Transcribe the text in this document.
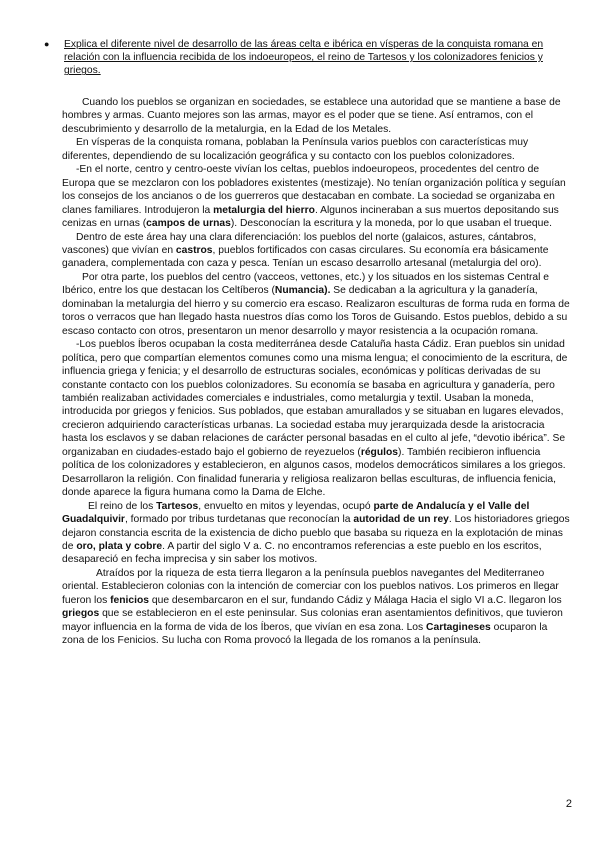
● Explica el diferente nivel de desarrollo de las áreas celta e ibérica en vísperas de la conquista romana en relación con la influencia recibida de los indoeuropeos, el reino de Tartesos y los colonizadores fenicios y griegos.

Cuando los pueblos se organizan en sociedades, se establece una autoridad que se mantiene a base de hombres y armas. Cuanto mejores son las armas, mayor es el poder que se tiene. Así entramos, con el descubrimiento y desarrollo de la metalurgia, en la Edad de los Metales.

En vísperas de la conquista romana, poblaban la Península varios pueblos con características muy diferentes, dependiendo de su localización geográfica y su contacto con los pueblos colonizadores.

-En el norte, centro y centro-oeste vivían los celtas, pueblos indoeuropeos, procedentes del centro de Europa que se mezclaron con los pobladores existentes (mestizaje). No tenían organización política y seguían los consejos de los ancianos o de los guerreros que destacaban en combate. La sociedad se organizaba en clanes familiares. Introdujeron la metalurgia del hierro. Algunos incineraban a sus muertos depositando sus cenizas en urnas (campos de urnas). Desconocían la escritura y la moneda, por lo que usaban el trueque.

Dentro de este área hay una clara diferenciación: los pueblos del norte (galaicos, astures, cántabros, vascones) que vivían en castros, pueblos fortificados con casas circulares. Su economía era básicamente ganadera, complementada con caza y pesca. Tenían un escaso desarrollo artesanal (metalurgia del oro).

Por otra parte, los pueblos del centro (vacceos, vettones, etc.) y los situados en los sistemas Central e Ibérico, entre los que destacan los Celtíberos (Numancia). Se dedicaban a la agricultura y la ganadería, dominaban la metalurgia del hierro y su comercio era escaso. Realizaron esculturas de forma ruda en forma de toros o verracos que han llegado hasta nuestros días como los Toros de Guisando. Estos pueblos, debido a su escaso contacto con otros, presentaron un menor desarrollo y mayor resistencia a la ocupación romana.

-Los pueblos Íberos ocupaban la costa mediterránea desde Cataluña hasta Cádiz. Eran pueblos sin unidad política, pero que compartían elementos comunes como una misma lengua; el conocimiento de la escritura, de influencia griega y fenicia; y el desarrollo de estructuras sociales, económicas y políticas derivadas de su constante contacto con los pueblos colonizadores. Su economía se basaba en agricultura y ganadería, pero también realizaban actividades comerciales e industriales, como metalurgia y textil. Usaban la moneda, introducida por griegos y fenicios. Sus poblados, que estaban amurallados y se situaban en lugares elevados, crecieron adquiriendo características urbanas. La sociedad estaba muy jerarquizada desde la aristocracia hasta los esclavos y se daban relaciones de carácter personal basadas en el culto al jefe, “devotio ibérica”. Se organizaban en ciudades-estado bajo el gobierno de reyezuelos (régulos). También recibieron influencia política de los colonizadores y establecieron, en algunos casos, modelos democráticos similares a los griegos. Desarrollaron la religión. Con finalidad funeraria y religiosa realizaron bellas esculturas, de influencia fenicia, donde aparece la figura humana como la Dama de Elche.

El reino de los Tartesos, envuelto en mitos y leyendas, ocupó parte de Andalucía y el Valle del Guadalquivir, formado por tribus turdetanas que reconocían la autoridad de un rey. Los historiadores griegos dejaron constancia escrita de la existencia de dicho pueblo que basaba su riqueza en la explotación de minas de oro, plata y cobre. A partir del siglo V a. C. no encontramos referencias a este pueblo en los escritos, desapareció en fecha imprecisa y sin saber los motivos.

Atraídos por la riqueza de esta tierra llegaron a la península pueblos navegantes del Mediterraneo oriental. Establecieron colonias con la intención de comerciar con los pueblos nativos. Los primeros en llegar fueron los fenicios que desembarcaron en el sur, fundando Cádiz y Málaga Hacia el siglo VI a.C. llegaron los griegos que se establecieron en el este peninsular. Sus colonias eran asentamientos definitivos, que tuvieron mayor influencia en la forma de vida de los Íberos, que vivían en esa zona. Los Cartagineses ocuparon la zona de los Fenicios. Su lucha con Roma provocó la llegada de los romanos a la península.

2
